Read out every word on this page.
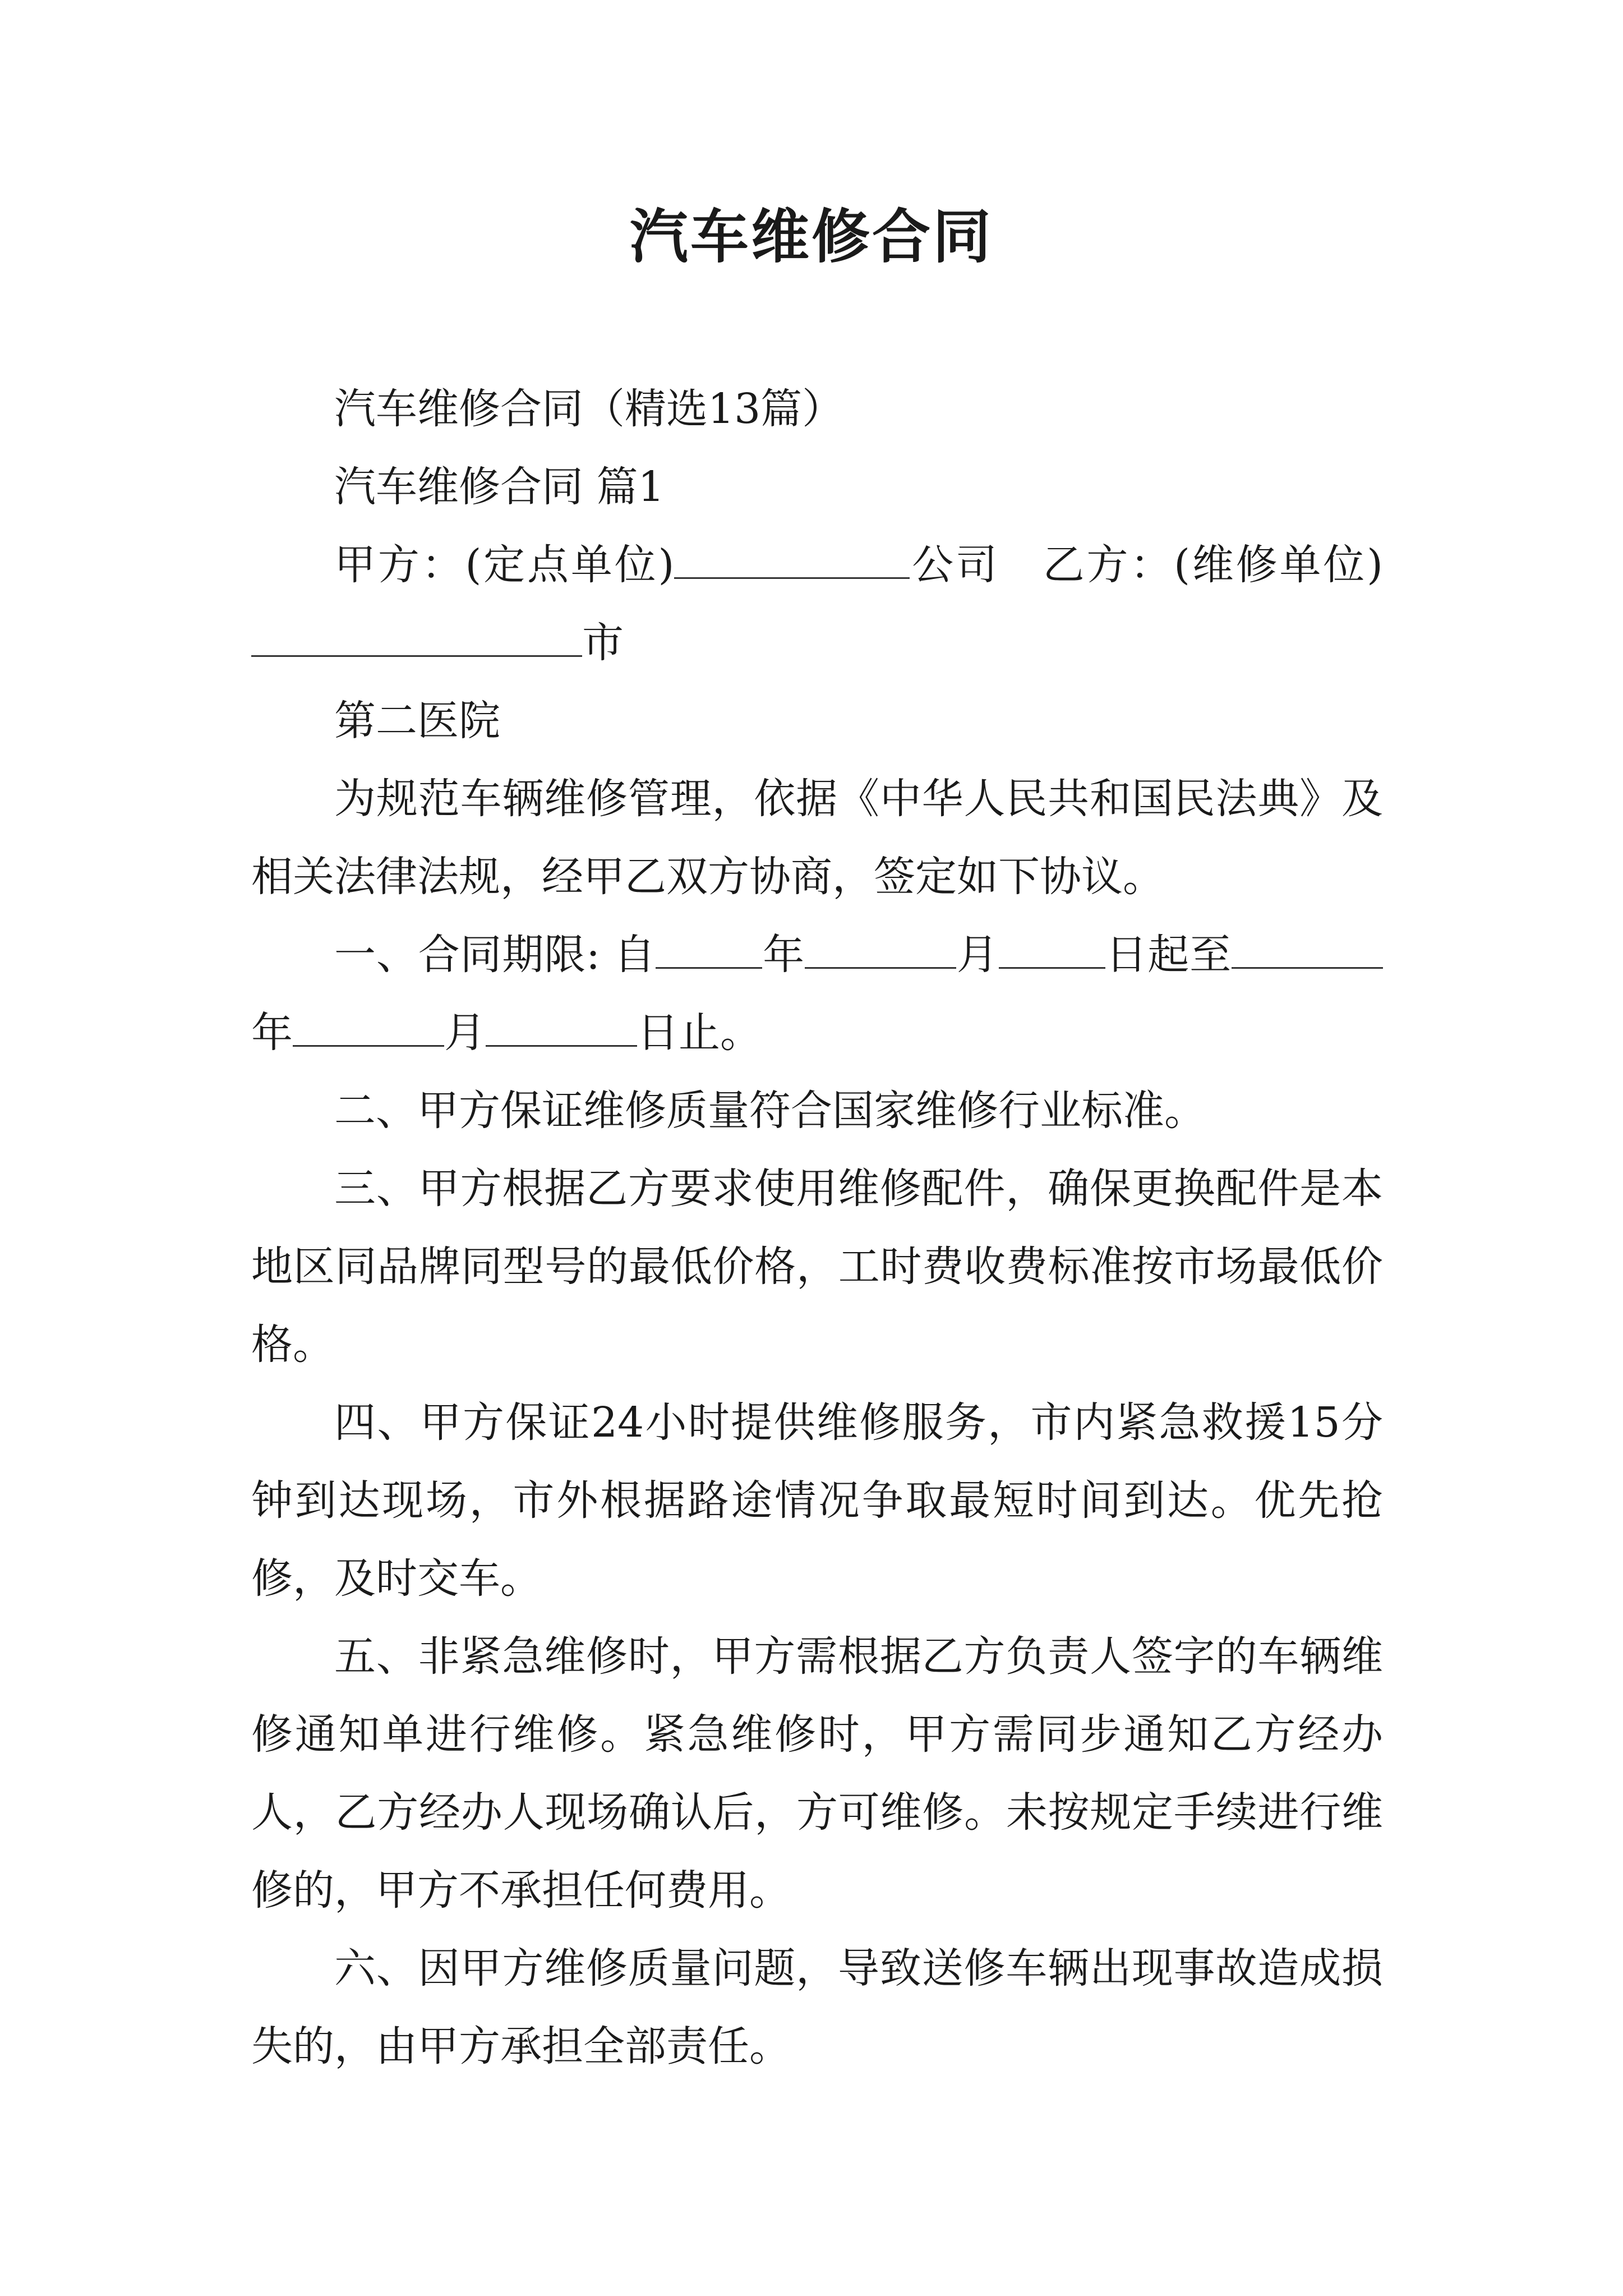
汽车维修合同

汽车维修合同（精选13篇）

汽车维修合同 篇1

甲方：(定点单位)	公司　 乙方：(维修单位)市

第二医院

为规范车辆维修管理，依据《中华人民共和国民法典》及相关法律法规，经甲乙双方协商，签定如下协议。

一、合同期限: 自	年	月	日起至年	月	日止。

二、甲方保证维修质量符合国家维修行业标准。

三、甲方根据乙方要求使用维修配件，确保更换配件是本地区同品牌同型号的最低价格，工时费收费标准按市场最低价格。

四、甲方保证24小时提供维修服务，市内紧急救援15分钟到达现场，市外根据路途情况争取最短时间到达。优先抢修，及时交车。

五、非紧急维修时，甲方需根据乙方负责人签字的车辆维修通知单进行维修。紧急维修时，甲方需同步通知乙方经办人，乙方经办人现场确认后，方可维修。未按规定手续进行维修的，甲方不承担任何费用。

六、因甲方维修质量问题，导致送修车辆出现事故造成损失的，由甲方承担全部责任。
